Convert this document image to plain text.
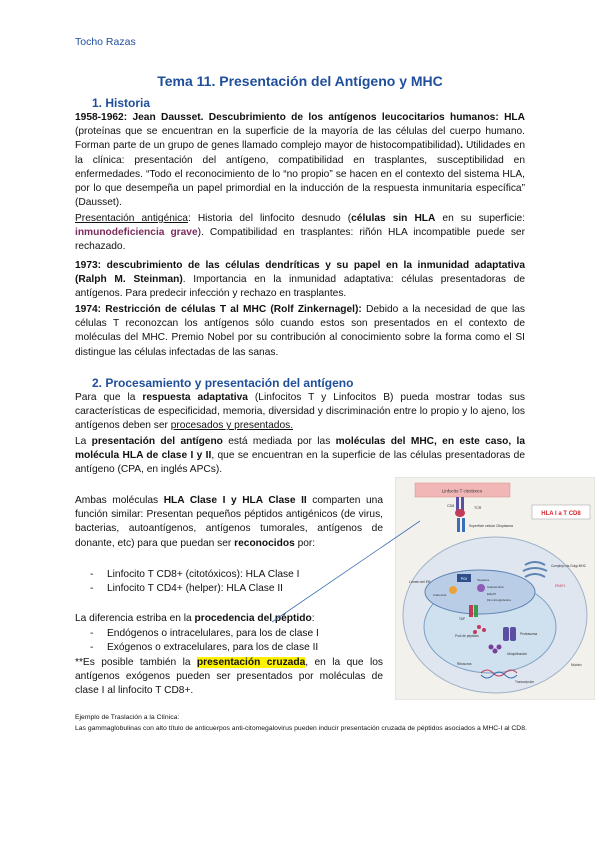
Tocho Razas
Tema 11. Presentación del Antígeno y MHC
1. Historia
1958-1962: Jean Dausset. Descubrimiento de los antígenos leucocitarios humanos: HLA (proteínas que se encuentran en la superficie de la mayoría de las células del cuerpo humano. Forman parte de un grupo de genes llamado complejo mayor de histocompatibilidad). Utilidades en la clínica: presentación del antígeno, compatibilidad en trasplantes, susceptibilidad en enfermedades. “Todo el reconocimiento de lo “no propio” se hacen en el contexto del sistema HLA, por lo que desempeña un papel primordial en la inducción de la respuesta inmunitaria específica” (Dausset).
Presentación antigénica: Historia del linfocito desnudo (células sin HLA en su superficie: inmunodeficiencia grave). Compatibilidad en trasplantes: riñón HLA incompatible puede ser rechazado.
1973: descubrimiento de las células dendríticas y su papel en la inmunidad adaptativa (Ralph M. Steinman). Importancia en la inmunidad adaptativa: células presentadoras de antígenos. Para predecir infección y rechazo en trasplantes.
1974: Restricción de células T al MHC (Rolf Zinkernagel): Debido a la necesidad de que las células T reconozcan los antígenos sólo cuando estos son presentados en el contexto de moléculas del MHC. Premio Nobel por su contribución al conocimiento sobre la forma como el SI distingue las células infectadas de las sanas.
2. Procesamiento y presentación del antígeno
Para que la respuesta adaptativa (Linfocitos T y Linfocitos B) pueda mostrar todas sus características de especificidad, memoria, diversidad y discriminación entre lo propio y lo ajeno, los antígenos deben ser procesados y presentados.
La presentación del antígeno está mediada por las moléculas del MHC, en este caso, la molécula HLA de clase I y II, que se encuentran en la superficie de las células presentadoras de antígeno (CPA, en inglés APCs).
Ambas moléculas HLA Clase I y HLA Clase II comparten una función similar: Presentan pequeños péptidos antigénicos (de virus, bacterias, autoantígenos, antígenos tumorales, antígenos de donante, etc) para que puedan ser reconocidos por:
- Linfocito T CD8+ (citotóxicos): HLA Clase I
- Linfocito T CD4+ (helper): HLA Clase II
La diferencia estriba en la procedencia del péptido:
- Endógenos o intracelulares, para los de clase I
- Exógenos o extracelulares, para los de clase II
**Es posible también la presentación cruzada, en la que los antígenos exógenos pueden ser presentados por moléculas de clase I al linfocito T CD8+.
Ejemplo de Traslación a la Clínica:
Las gammaglobulinas con alto título de anticuerpos anti-citomegalovirus pueden inducir presentación cruzada de péptidos asociados a MHC-I al CD8.
Linfocito T citotóxico
TCR
CD8
HLA I a T CD8
Superficie celular Citoplasma
Núcleo
Lumen del ER
PDI
TAP
Calreticulina
ERp57
β2-microglobulina
Calnexina
Tapasina
Complejo cis-Golgi-MHC
ERAP1
Pool de péptidos	Proteasoma
Ubiquitinación
Ribosoma
Transcripción
